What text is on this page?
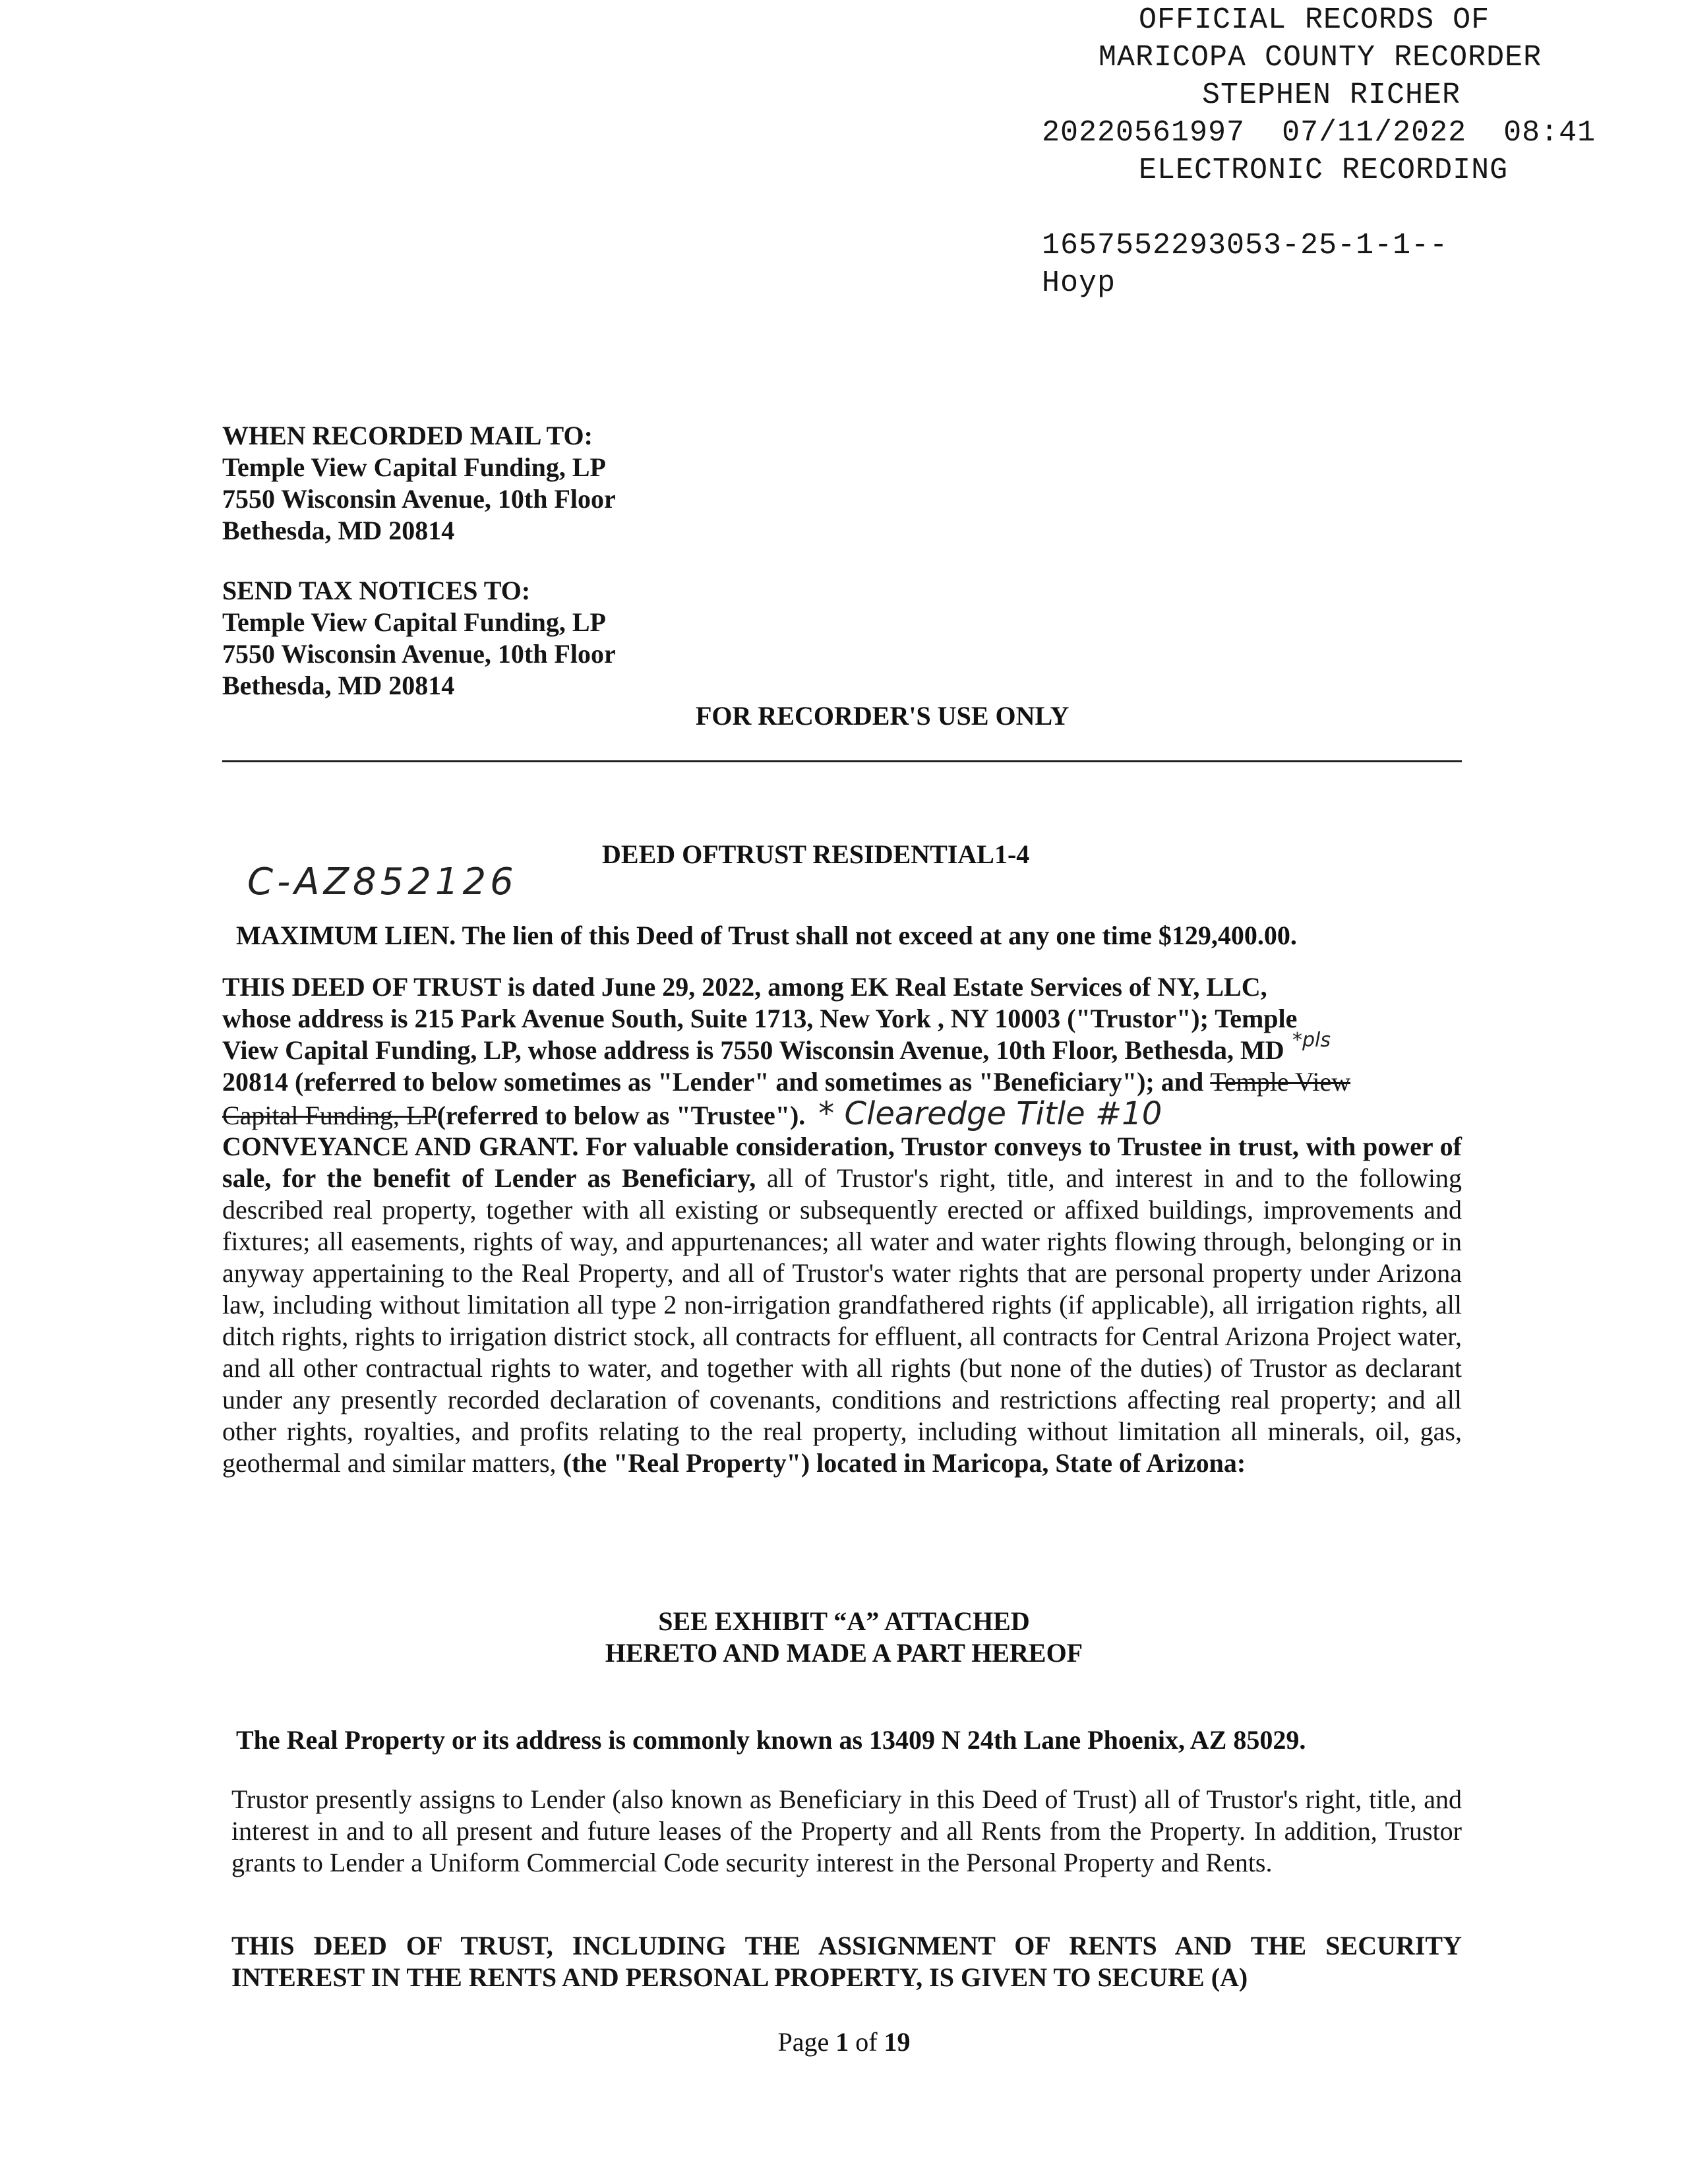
OFFICIAL RECORDS OF
MARICOPA COUNTY RECORDER
STEPHEN RICHER
20220561997 07/11/2022 08:41
ELECTRONIC RECORDING
1657552293053-25-1-1--
Hoyp
WHEN RECORDED MAIL TO:
Temple View Capital Funding, LP
7550 Wisconsin Avenue, 10th Floor
Bethesda, MD 20814
SEND TAX NOTICES TO:
Temple View Capital Funding, LP
7550 Wisconsin Avenue, 10th Floor
Bethesda, MD 20814
FOR RECORDER'S USE ONLY
DEED OFTRUST RESIDENTIAL1-4
C-AZ852126
MAXIMUM LIEN. The lien of this Deed of Trust shall not exceed at any one time $129,400.00.
THIS DEED OF TRUST is dated June 29, 2022, among EK Real Estate Services of NY, LLC,
whose address is 215 Park Avenue South, Suite 1713, New York , NY 10003 ("Trustor"); Temple
View Capital Funding, LP, whose address is 7550 Wisconsin Avenue, 10th Floor, Bethesda, MD
20814 (referred to below sometimes as "Lender" and sometimes as "Beneficiary"); and Temple View
Capital Funding, LP(referred to below as "Trustee"). * Clearedge Title #10
*pls
CONVEYANCE AND GRANT. For valuable consideration, Trustor conveys to Trustee in trust, with power of sale, for the benefit of Lender as Beneficiary, all of Trustor's right, title, and interest in and to the following described real property, together with all existing or subsequently erected or affixed buildings, improvements and fixtures; all easements, rights of way, and appurtenances; all water and water rights flowing through, belonging or in anyway appertaining to the Real Property, and all of Trustor's water rights that are personal property under Arizona law, including without limitation all type 2 non-irrigation grandfathered rights (if applicable), all irrigation rights, all ditch rights, rights to irrigation district stock, all contracts for effluent, all contracts for Central Arizona Project water, and all other contractual rights to water, and together with all rights (but none of the duties) of Trustor as declarant under any presently recorded declaration of covenants, conditions and restrictions affecting real property; and all other rights, royalties, and profits relating to the real property, including without limitation all minerals, oil, gas, geothermal and similar matters, (the "Real Property") located in Maricopa, State of Arizona:
SEE EXHIBIT “A” ATTACHED
HERETO AND MADE A PART HEREOF
The Real Property or its address is commonly known as 13409 N 24th Lane Phoenix, AZ 85029.
Trustor presently assigns to Lender (also known as Beneficiary in this Deed of Trust) all of Trustor's right, title, and interest in and to all present and future leases of the Property and all Rents from the Property. In addition, Trustor grants to Lender a Uniform Commercial Code security interest in the Personal Property and Rents.
THIS DEED OF TRUST, INCLUDING THE ASSIGNMENT OF RENTS AND THE SECURITY INTEREST IN THE RENTS AND PERSONAL PROPERTY, IS GIVEN TO SECURE (A)
Page 1 of 19
